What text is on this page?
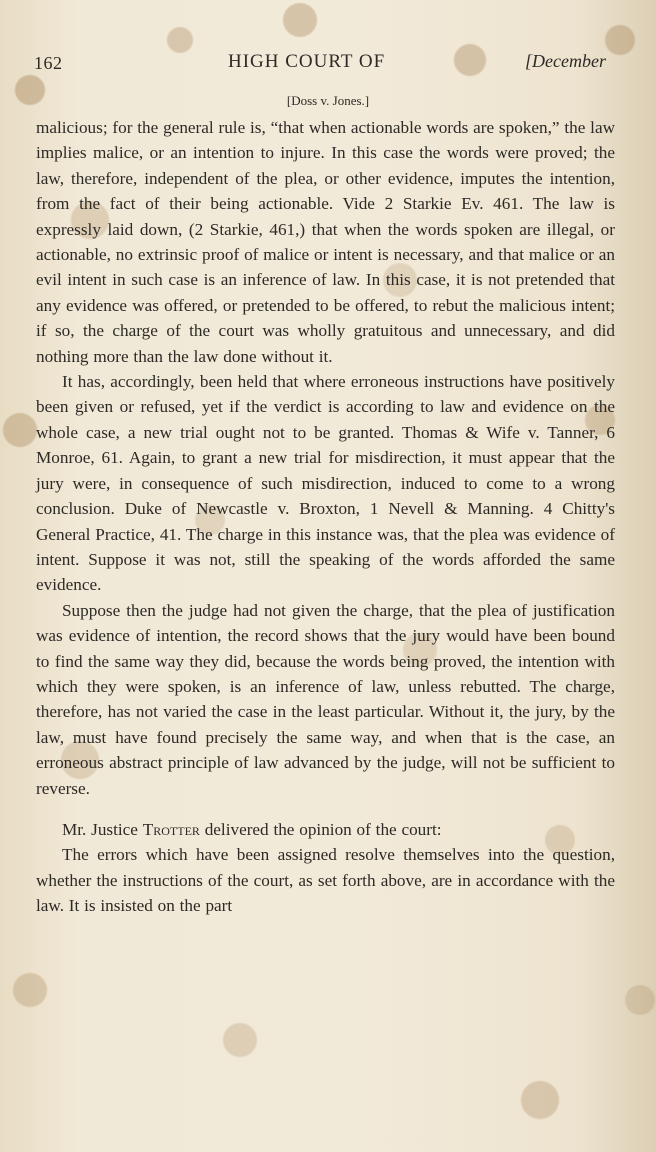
162	HIGH COURT OF	[December
[Doss v. Jones.]

malicious; for the general rule is, “that when actionable words are spoken,” the law implies malice, or an intention to injure. In this case the words were proved; the law, therefore, independent of the plea, or other evidence, imputes the intention, from the fact of their being actionable. Vide 2 Starkie Ev. 461. The law is expressly laid down, (2 Starkie, 461,) that when the words spoken are illegal, or actionable, no extrinsic proof of malice or intent is necessary, and that malice or an evil intent in such case is an inference of law. In this case, it is not pretended that any evidence was offered, or pretended to be offered, to rebut the malicious intent; if so, the charge of the court was wholly gratuitous and unnecessary, and did nothing more than the law done without it.

It has, accordingly, been held that where erroneous instructions have positively been given or refused, yet if the verdict is according to law and evidence on the whole case, a new trial ought not to be granted. Thomas & Wife v. Tanner, 6 Monroe, 61. Again, to grant a new trial for misdirection, it must appear that the jury were, in consequence of such misdirection, induced to come to a wrong conclusion. Duke of Newcastle v. Broxton, 1 Nevell & Manning. 4 Chitty's General Practice, 41. The charge in this instance was, that the plea was evidence of intent. Suppose it was not, still the speaking of the words afforded the same evidence.

Suppose then the judge had not given the charge, that the plea of justification was evidence of intention, the record shows that the jury would have been bound to find the same way they did, because the words being proved, the intention with which they were spoken, is an inference of law, unless rebutted. The charge, therefore, has not varied the case in the least particular. Without it, the jury, by the law, must have found precisely the same way, and when that is the case, an erroneous abstract principle of law advanced by the judge, will not be sufficient to reverse.

Mr. Justice Trotter delivered the opinion of the court:

The errors which have been assigned resolve themselves into the question, whether the instructions of the court, as set forth above, are in accordance with the law. It is insisted on the part
